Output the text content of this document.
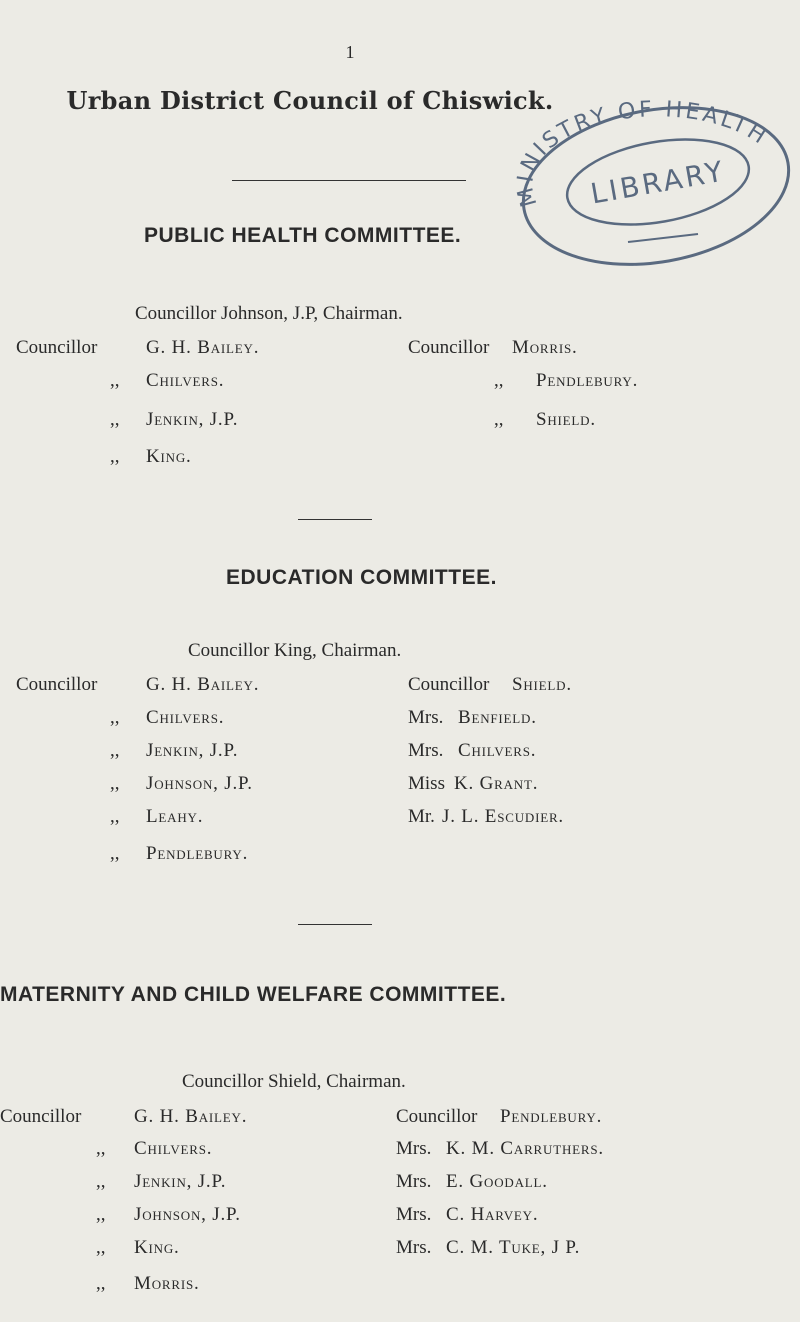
1
Urban District Council of Chiswick.
MINISTRY OF HEALTH
LIBRARY
PUBLIC HEALTH COMMITTEE.
Councillor Johnson, J.P, Chairman.
Councillor	G. H. Bailey.	Councillor Morris.
,, Chilvers.	,, Pendlebury.
,, Jenkin, J.P.	,, Shield.
,, King.
EDUCATION COMMITTEE.
Councillor King, Chairman.
Councillor	G. H. Bailey.	Councillor Shield.
,, Chilvers.	Mrs. Benfield.
,, Jenkin, J.P.	Mrs. Chilvers.
,, Johnson, J.P.	Miss K. Grant.
,, Leahy.	Mr. J. L. Escudier.
,, Pendlebury.
MATERNITY AND CHILD WELFARE COMMITTEE.
Councillor Shield, Chairman.
Councillor	G. H. Bailey.	Councillor Pendlebury.
,, Chilvers.	Mrs. K. M. Carruthers.
,, Jenkin, J.P.	Mrs. E. Goodall.
,, Johnson, J.P.	Mrs. C. Harvey.
,, King.	Mrs. C. M. Tuke, J P.
,, Morris.
